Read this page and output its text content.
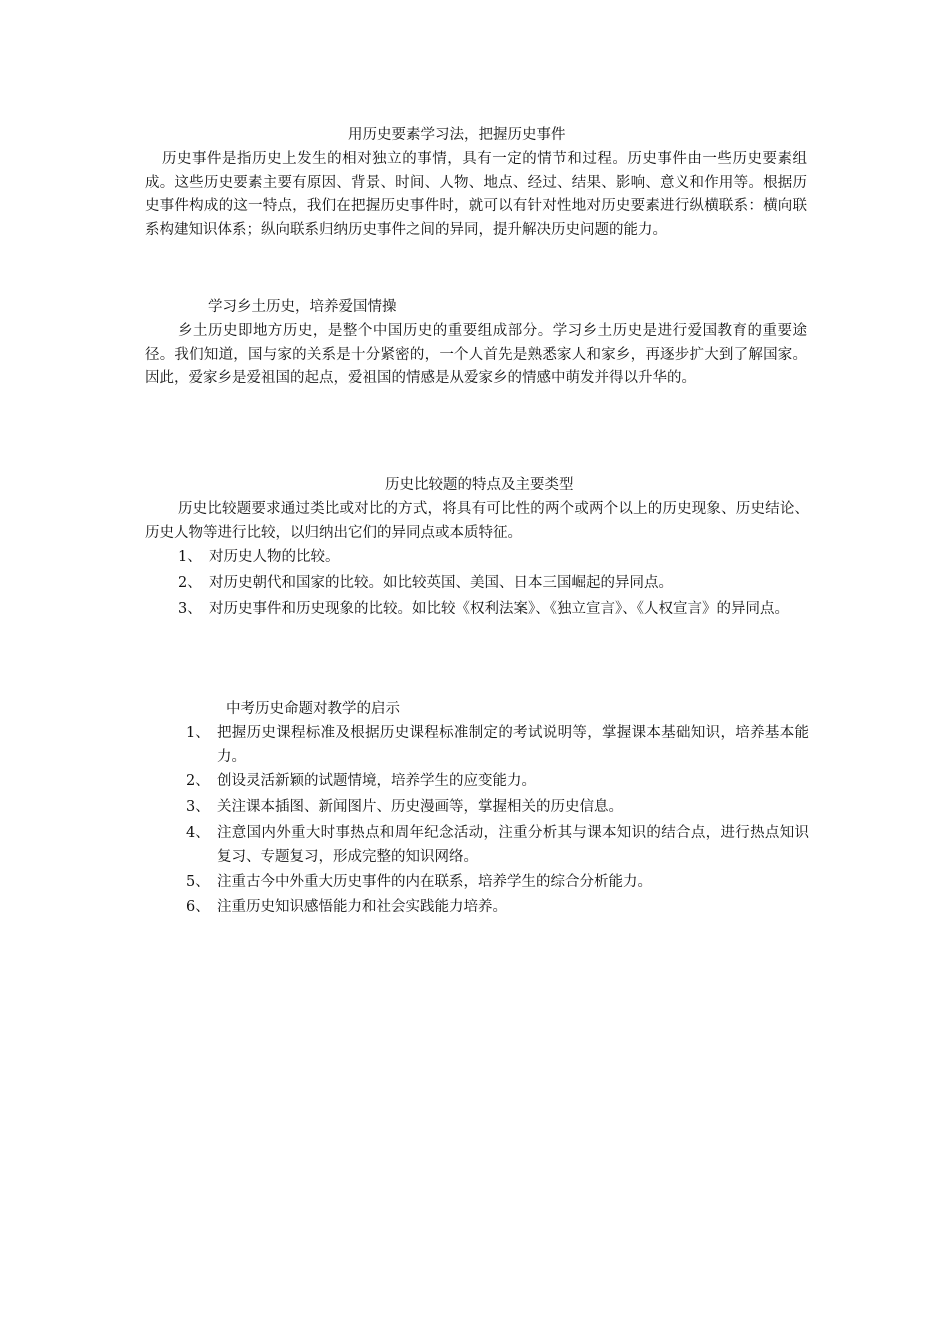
用历史要素学习法，把握历史事件
历史事件是指历史上发生的相对独立的事情，具有一定的情节和过程。历史事件由一些历史要素组成。这些历史要素主要有原因、背景、时间、人物、地点、经过、结果、影响、意义和作用等。根据历史事件构成的这一特点，我们在把握历史事件时，就可以有针对性地对历史要素进行纵横联系：横向联系构建知识体系；纵向联系归纳历史事件之间的异同，提升解决历史问题的能力。
学习乡土历史，培养爱国情操
乡土历史即地方历史，是整个中国历史的重要组成部分。学习乡土历史是进行爱国教育的重要途径。我们知道，国与家的关系是十分紧密的，一个人首先是熟悉家人和家乡，再逐步扩大到了解国家。因此，爱家乡是爱祖国的起点，爱祖国的情感是从爱家乡的情感中萌发并得以升华的。
历史比较题的特点及主要类型
历史比较题要求通过类比或对比的方式，将具有可比性的两个或两个以上的历史现象、历史结论、历史人物等进行比较，以归纳出它们的异同点或本质特征。
1、 对历史人物的比较。
2、 对历史朝代和国家的比较。如比较英国、美国、日本三国崛起的异同点。
3、 对历史事件和历史现象的比较。如比较《权利法案》、《独立宣言》、《人权宣言》的异同点。
中考历史命题对教学的启示
1、 把握历史课程标准及根据历史课程标准制定的考试说明等，掌握课本基础知识，培养基本能力。
2、 创设灵活新颖的试题情境，培养学生的应变能力。
3、 关注课本插图、新闻图片、历史漫画等，掌握相关的历史信息。
4、 注意国内外重大时事热点和周年纪念活动，注重分析其与课本知识的结合点，进行热点知识复习、专题复习，形成完整的知识网络。
5、 注重古今中外重大历史事件的内在联系，培养学生的综合分析能力。
6、 注重历史知识感悟能力和社会实践能力培养。
